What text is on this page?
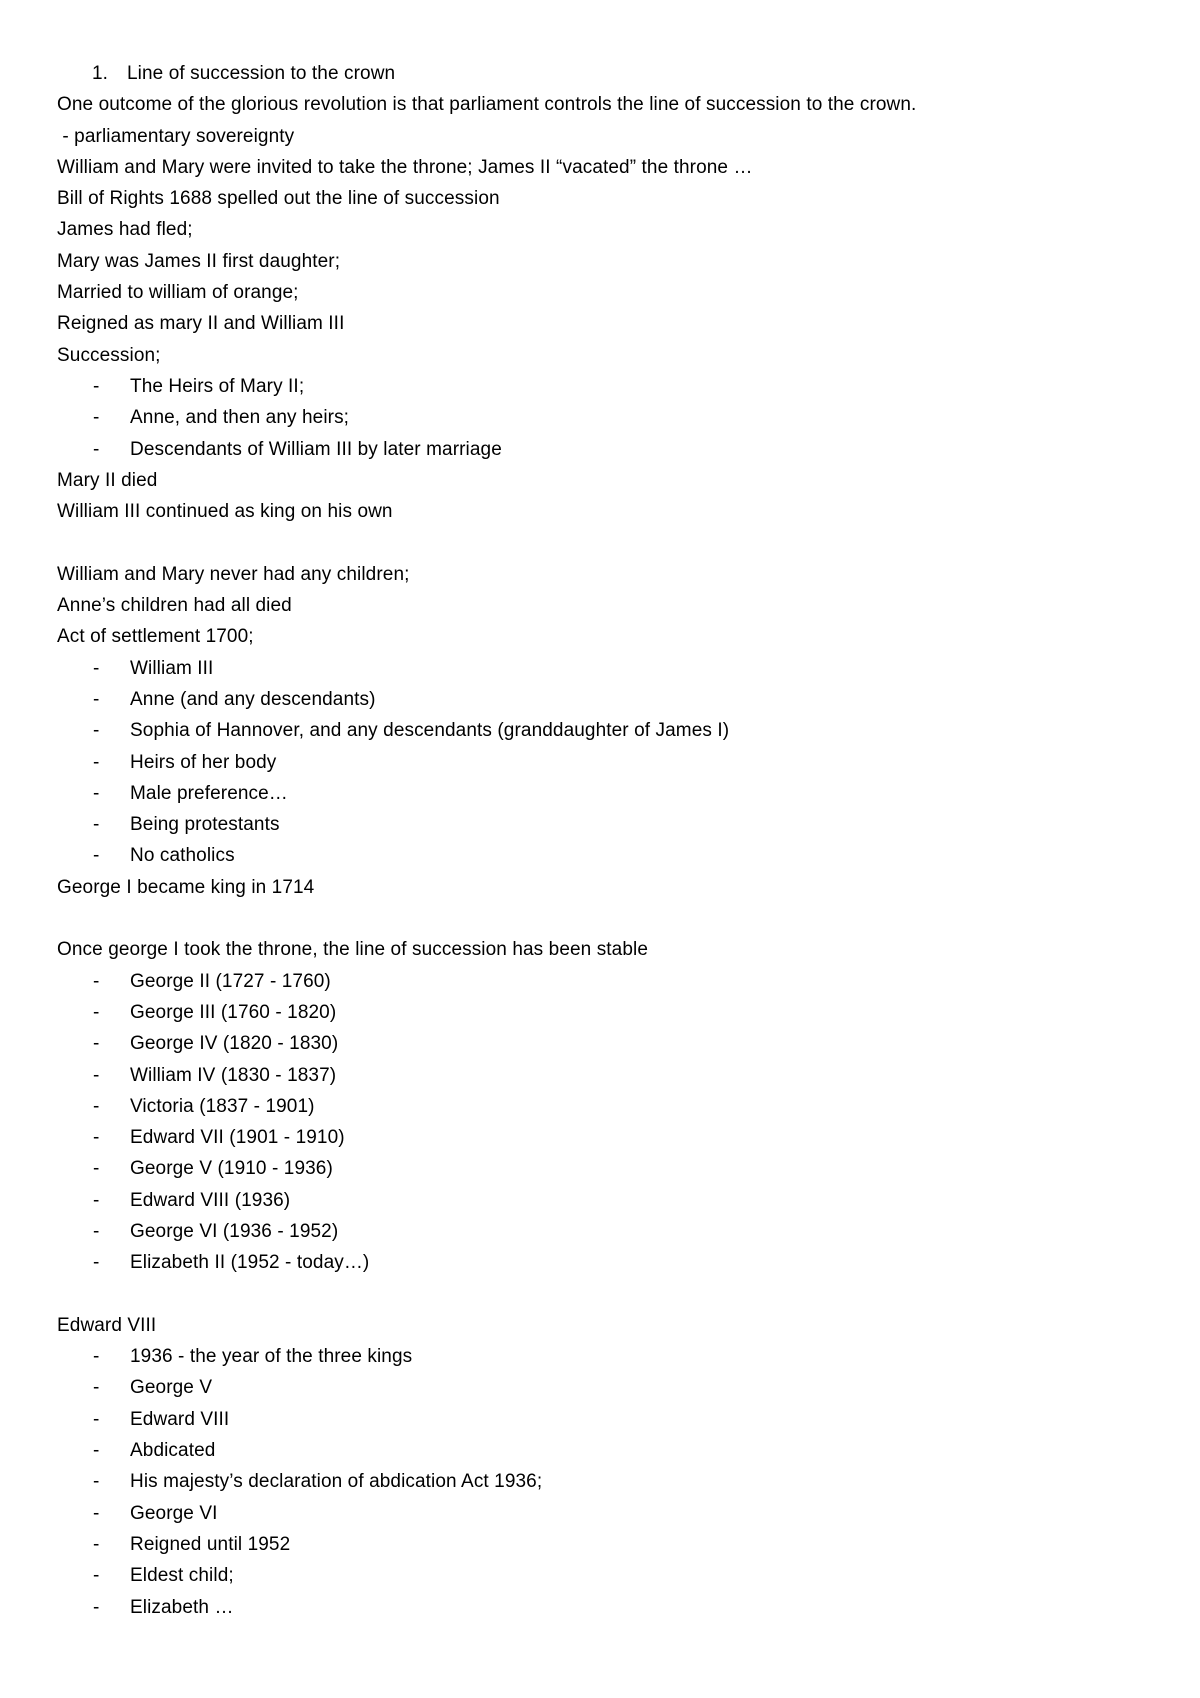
1. Line of succession to the crown
One outcome of the glorious revolution is that parliament controls the line of succession to the crown.
- parliamentary sovereignty
William and Mary were invited to take the throne; James II “vacated” the throne …
Bill of Rights 1688 spelled out the line of succession
James had fled;
Mary was James II first daughter;
Married to william of orange;
Reigned as mary II and William III
Succession;
- The Heirs of Mary II;
- Anne, and then any heirs;
- Descendants of William III by later marriage
Mary II died
William III continued as king on his own
William and Mary never had any children;
Anne’s children had all died
Act of settlement 1700;
- William III
- Anne (and any descendants)
- Sophia of Hannover, and any descendants (granddaughter of James I)
- Heirs of her body
- Male preference…
- Being protestants
- No catholics
George I became king in 1714
Once george I took the throne, the line of succession has been stable
- George II (1727 - 1760)
- George III (1760 - 1820)
- George IV (1820 - 1830)
- William IV (1830 - 1837)
- Victoria (1837 - 1901)
- Edward VII (1901 - 1910)
- George V (1910 - 1936)
- Edward VIII (1936)
- George VI (1936 - 1952)
- Elizabeth II (1952 - today…)
Edward VIII
- 1936 - the year of the three kings
- George V
- Edward VIII
- Abdicated
- His majesty’s declaration of abdication Act 1936;
- George VI
- Reigned until 1952
- Eldest child;
- Elizabeth …
